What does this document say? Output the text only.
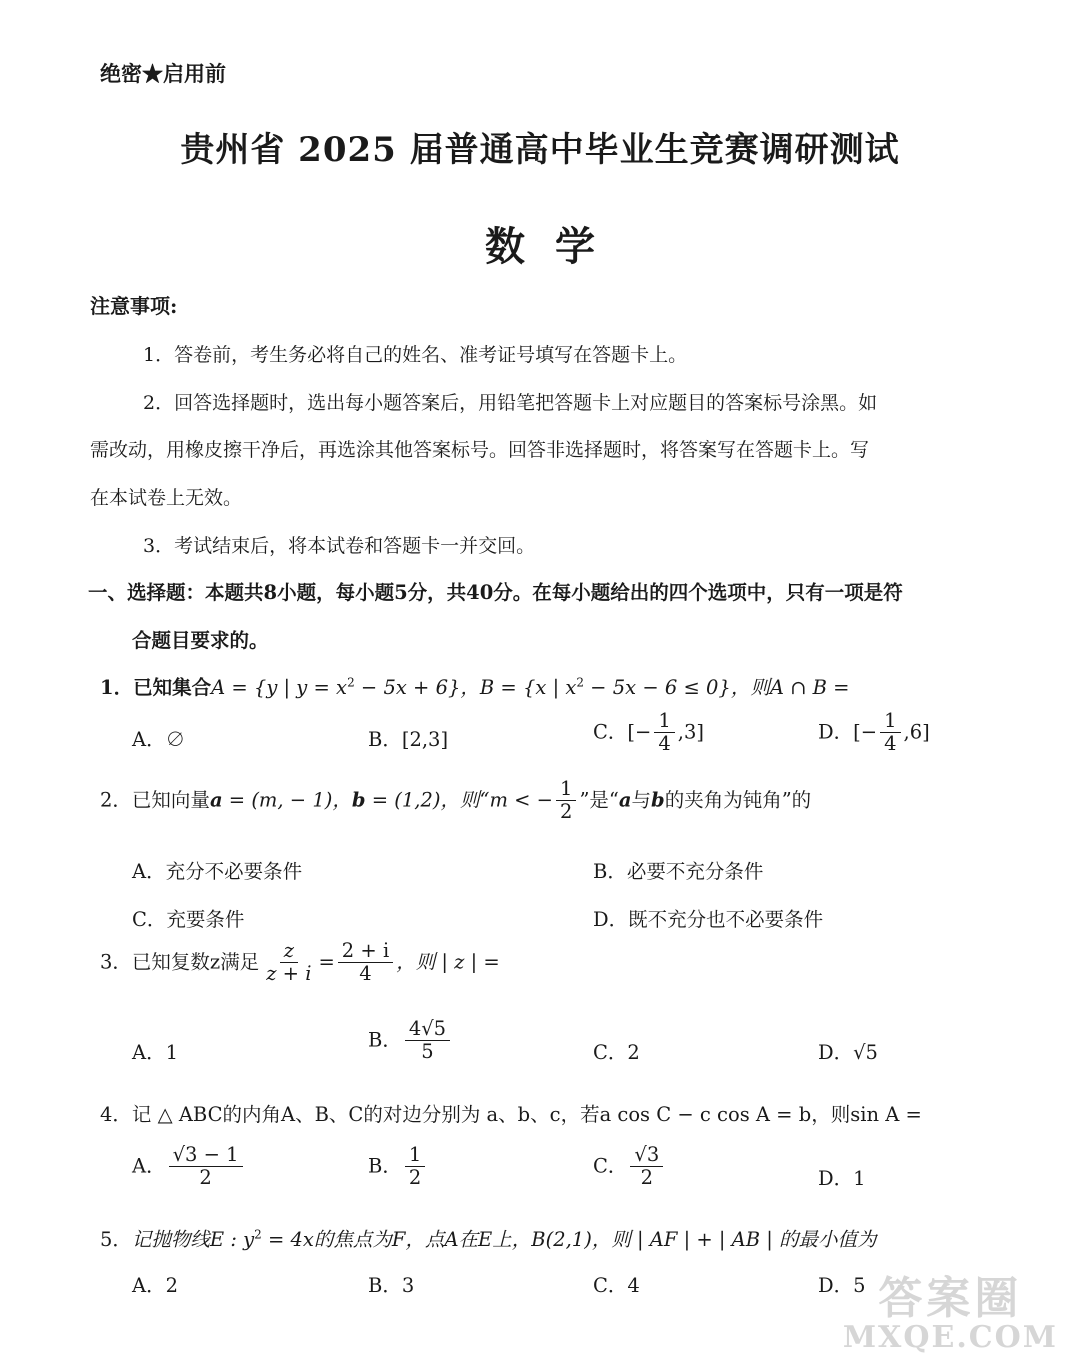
绝密★启用前
贵州省 2025 届普通高中毕业生竞赛调研测试
数学
注意事项:
1．答卷前，考生务必将自己的姓名、准考证号填写在答题卡上。
2．回答选择题时，选出每小题答案后，用铅笔把答题卡上对应题目的答案标号涂黑。如
需改动，用橡皮擦干净后，再选涂其他答案标号。回答非选择题时，将答案写在答题卡上。写
在本试卷上无效。
3．考试结束后，将本试卷和答题卡一并交回。
一、选择题：本题共8小题，每小题5分，共40分。在每小题给出的四个选项中，只有一项是符
合题目要求的。
1．已知集合A = {y | $y = x^2 - 5x + 6$}，B = {x | $x^2 - 5x - 6 \le 0$}，则A ∩ B =
A．∅	B．[2,3]	C．[− $\frac{1}{4} ,3$]	D．[− $\frac{1}{4} ,6$]
2．已知向量a = (m, − 1)，b = (1,2)，则“m < − $\frac{1}{2}$ ”是“a与b的夹角为钝角”的
A．充分不必要条件	B．必要不充分条件
C．充要条件	D．既不充分也不必要条件
3．已知复数z满足 $\frac{z}{z + i} = \frac{2 + i}{4}$ ，则 | z | =
A．1
B． $\frac{4√5}{5}$	C．2	D．√5
4．记 △ ABC的内角A、B、C的对边分别为 a、b、c，若a cos C − c cos A = b，则sin A =
A． $\frac{√3 - 1}{2}$	B． $\frac{1}{2}$	C． $\frac{√3}{2}$	D．1
5．记抛物线E : $y^2 = 4x$的焦点为F，点A在E上，B(2,1)，则 | AF | + | AB | 的最小值为
A．2	B．3	C．4	D．5 答案圈
MXQE.COM
